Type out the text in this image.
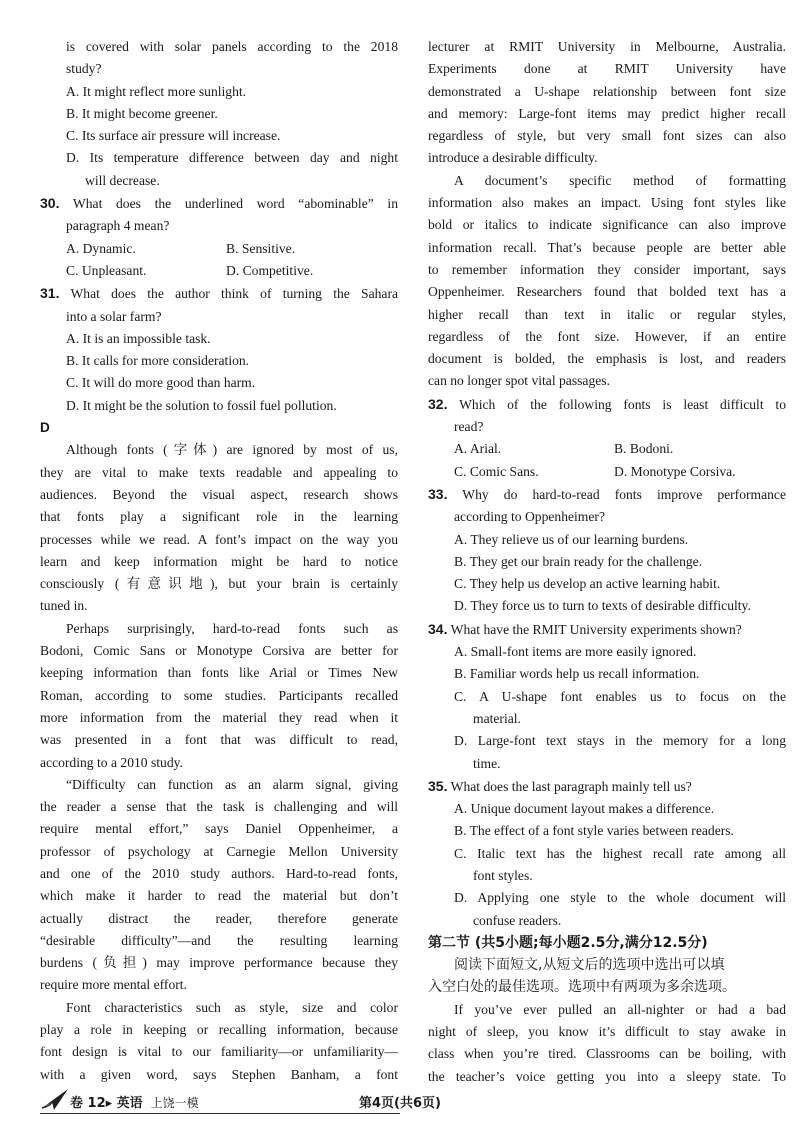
is covered with solar panels according to the 2018
study?
A. It might reflect more sunlight.
B. It might become greener.
C. Its surface air pressure will increase.
D. Its temperature difference between day and night
will decrease.
30. What does the underlined word “abominable” in
paragraph 4 mean?
A. Dynamic.	B. Sensitive.
C. Unpleasant.	D. Competitive.
31. What does the author think of turning the Sahara
into a solar farm?
A. It is an impossible task.
B. It calls for more consideration.
C. It will do more good than harm.
D. It might be the solution to fossil fuel pollution.
D
Although fonts (字体) are ignored by most of us,
they are vital to make texts readable and appealing to
audiences. Beyond the visual aspect, research shows
that fonts play a significant role in the learning
processes while we read. A font’s impact on the way you
learn and keep information might be hard to notice
consciously (有意识地), but your brain is certainly
tuned in.
Perhaps surprisingly, hard-to-read fonts such as
Bodoni, Comic Sans or Monotype Corsiva are better for
keeping information than fonts like Arial or Times New
Roman, according to some studies. Participants recalled
more information from the material they read when it
was presented in a font that was difficult to read,
according to a 2010 study.
“Difficulty can function as an alarm signal, giving
the reader a sense that the task is challenging and will
require mental effort,” says Daniel Oppenheimer, a
professor of psychology at Carnegie Mellon University
and one of the 2010 study authors. Hard-to-read fonts,
which make it harder to read the material but don’t
actually distract the reader, therefore generate
“desirable difficulty”—and the resulting learning
burdens (负担) may improve performance because they
require more mental effort.
Font characteristics such as style, size and color
play a role in keeping or recalling information, because
font design is vital to our familiarity—or unfamiliarity—
with a given word, says Stephen Banham, a font
lecturer at RMIT University in Melbourne, Australia.
Experiments done at RMIT University have
demonstrated a U-shape relationship between font size
and memory: Large-font items may predict higher recall
regardless of style, but very small font sizes can also
introduce a desirable difficulty.
A document’s specific method of formatting
information also makes an impact. Using font styles like
bold or italics to indicate significance can also improve
information recall. That’s because people are better able
to remember information they consider important, says
Oppenheimer. Researchers found that bolded text has a
higher recall than text in italic or regular styles,
regardless of the font size. However, if an entire
document is bolded, the emphasis is lost, and readers
can no longer spot vital passages.
32. Which of the following fonts is least difficult to
read?
A. Arial.	B. Bodoni.
C. Comic Sans.	D. Monotype Corsiva.
33. Why do hard-to-read fonts improve performance
according to Oppenheimer?
A. They relieve us of our learning burdens.
B. They get our brain ready for the challenge.
C. They help us develop an active learning habit.
D. They force us to turn to texts of desirable difficulty.
34. What have the RMIT University experiments shown?
A. Small-font items are more easily ignored.
B. Familiar words help us recall information.
C. A U-shape font enables us to focus on the
material.
D. Large-font text stays in the memory for a long
time.
35. What does the last paragraph mainly tell us?
A. Unique document layout makes a difference.
B. The effect of a font style varies between readers.
C. Italic text has the highest recall rate among all
font styles.
D. Applying one style to the whole document will
confuse readers.
第二节 (共5小题;每小题2.5分,满分12.5分)
阅读下面短文,从短文后的选项中选出可以填
入空白处的最佳选项。选项中有两项为多余选项。
If you’ve ever pulled an all-nighter or had a bad
night of sleep, you know it’s difficult to stay awake in
class when you’re tired. Classrooms can be boiling, with
the teacher’s voice getting you into a sleepy state. To
卷 12▸ 英语 上饶一模	第4页(共6页)
